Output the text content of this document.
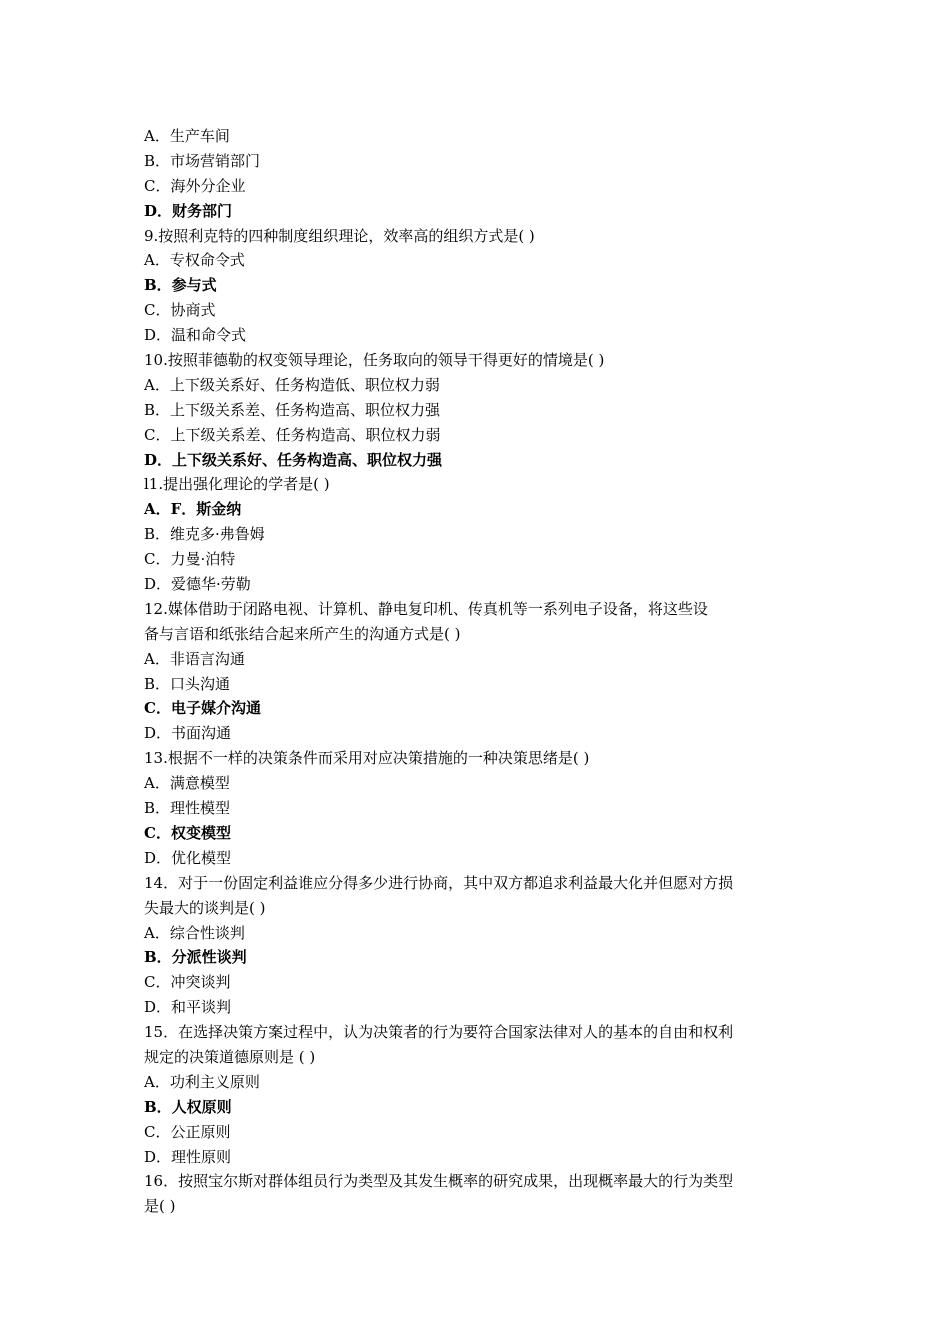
A．生产车间
B．市场营销部门
C．海外分企业
D．财务部门
9.按照利克特的四种制度组织理论，效率高的组织方式是( )
A．专权命令式
B．参与式
C．协商式
D．温和命令式
10.按照菲德勒的权变领导理论，任务取向的领导干得更好的情境是( )
A．上下级关系好、任务构造低、职位权力弱
B．上下级关系差、任务构造高、职位权力强
C．上下级关系差、任务构造高、职位权力弱
D．上下级关系好、任务构造高、职位权力强
l1.提出强化理论的学者是( )
A．F．斯金纳
B．维克多·弗鲁姆
C．力曼·泊特
D．爱德华·劳勒
12.媒体借助于闭路电视、计算机、静电复印机、传真机等一系列电子设备，将这些设
备与言语和纸张结合起来所产生的沟通方式是( )
A．非语言沟通
B．口头沟通
C．电子媒介沟通
D．书面沟通
13.根据不一样的决策条件而采用对应决策措施的一种决策思绪是( )
A．满意模型
B．理性模型
C．权变模型
D．优化模型
14．对于一份固定利益谁应分得多少进行协商，其中双方都追求利益最大化并但愿对方损
失最大的谈判是( )
A．综合性谈判
B．分派性谈判
C．冲突谈判
D．和平谈判
15．在选择决策方案过程中，认为决策者的行为要符合国家法律对人的基本的自由和权利
规定的决策道德原则是 ( )
A．功利主义原则
B．人权原则
C．公正原则
D．理性原则
16．按照宝尔斯对群体组员行为类型及其发生概率的研究成果，出现概率最大的行为类型
是( )
